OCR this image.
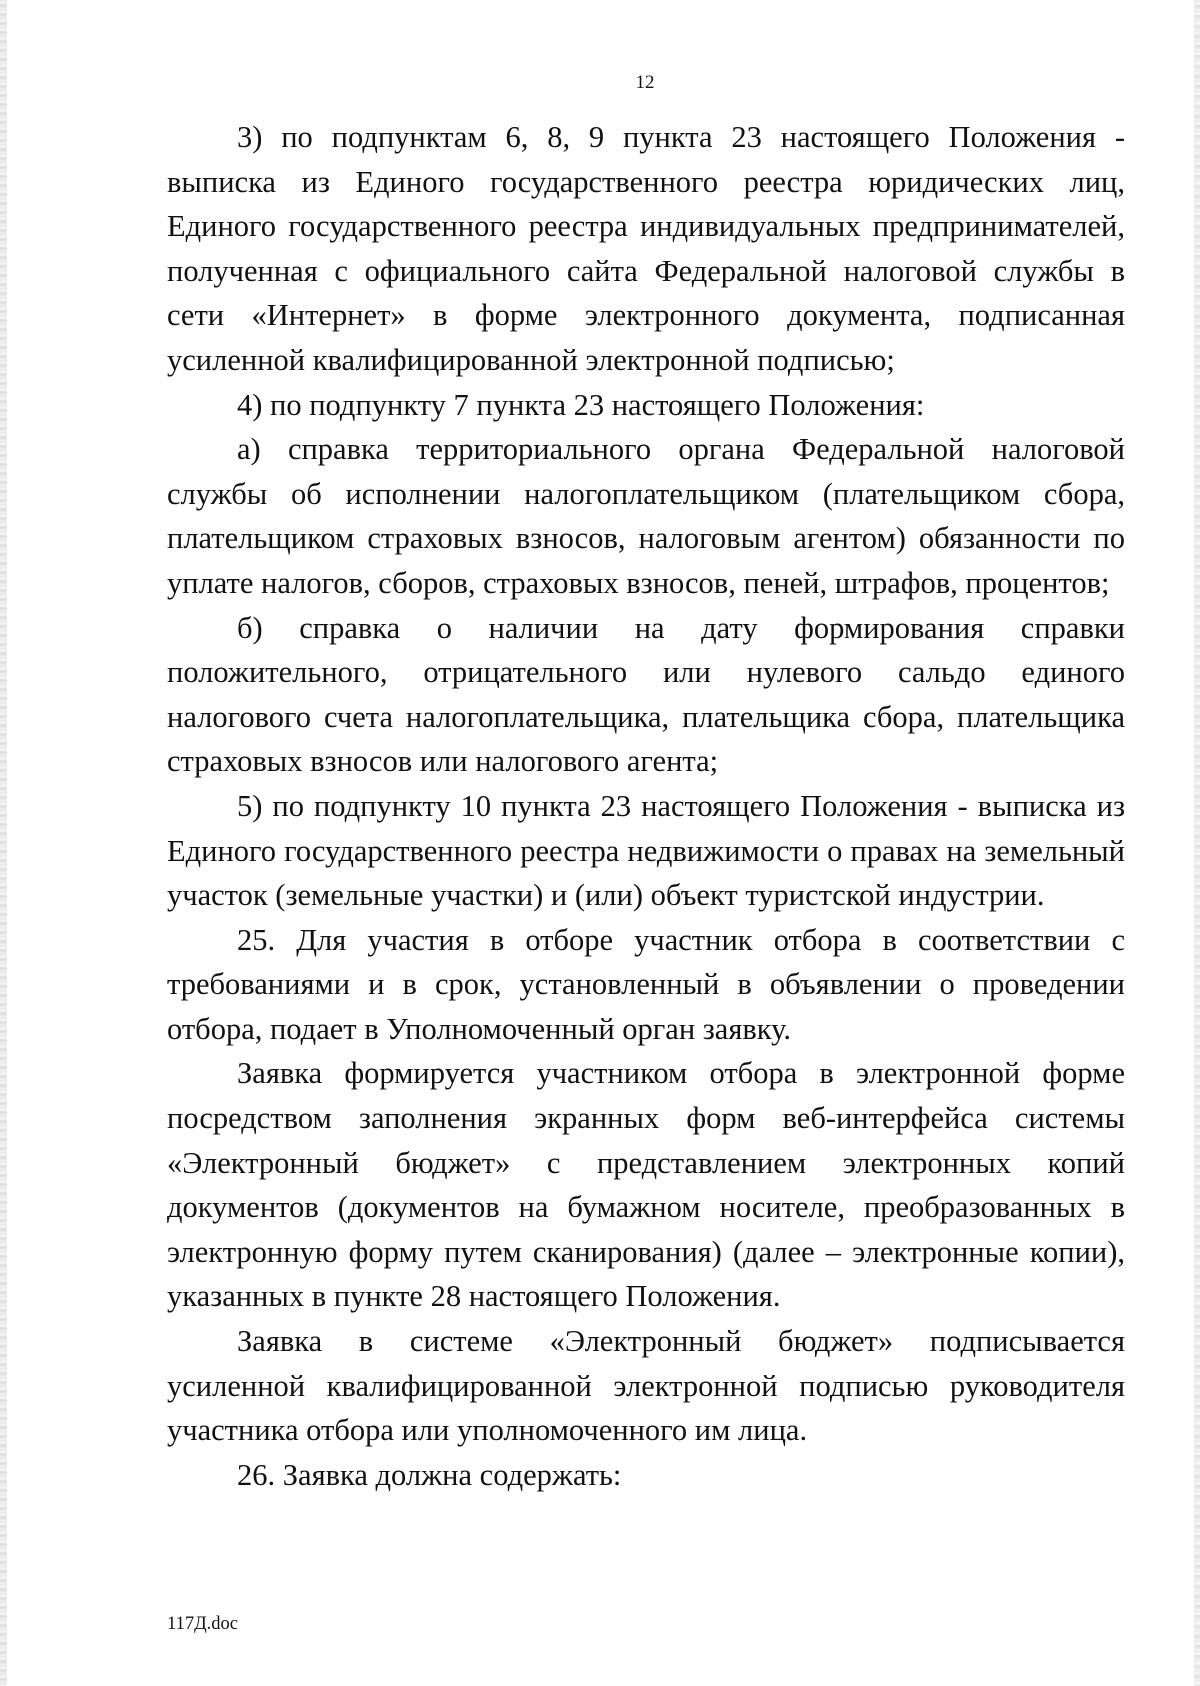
12

3) по подпунктам 6, 8, 9 пункта 23 настоящего Положения - выписка из Единого государственного реестра юридических лиц, Единого государственного реестра индивидуальных предпринимателей, полученная с официального сайта Федеральной налоговой службы в сети «Интернет» в форме электронного документа, подписанная усиленной квалифицированной электронной подписью;

4) по подпункту 7 пункта 23 настоящего Положения:

а) справка территориального органа Федеральной налоговой службы об исполнении налогоплательщиком (плательщиком сбора, плательщиком страховых взносов, налоговым агентом) обязанности по уплате налогов, сборов, страховых взносов, пеней, штрафов, процентов;

б) справка о наличии на дату формирования справки положительного, отрицательного или нулевого сальдо единого налогового счета налогоплательщика, плательщика сбора, плательщика страховых взносов или налогового агента;

5) по подпункту 10 пункта 23 настоящего Положения - выписка из Единого государственного реестра недвижимости о правах на земельный участок (земельные участки) и (или) объект туристской индустрии.

25. Для участия в отборе участник отбора в соответствии с требованиями и в срок, установленный в объявлении о проведении отбора, подает в Уполномоченный орган заявку.

Заявка формируется участником отбора в электронной форме посредством заполнения экранных форм веб-интерфейса системы «Электронный бюджет» с представлением электронных копий документов (документов на бумажном носителе, преобразованных в электронную форму путем сканирования) (далее – электронные копии), указанных в пункте 28 настоящего Положения.

Заявка в системе «Электронный бюджет» подписывается усиленной квалифицированной электронной подписью руководителя участника отбора или уполномоченного им лица.

26. Заявка должна содержать:

117Д.doc
